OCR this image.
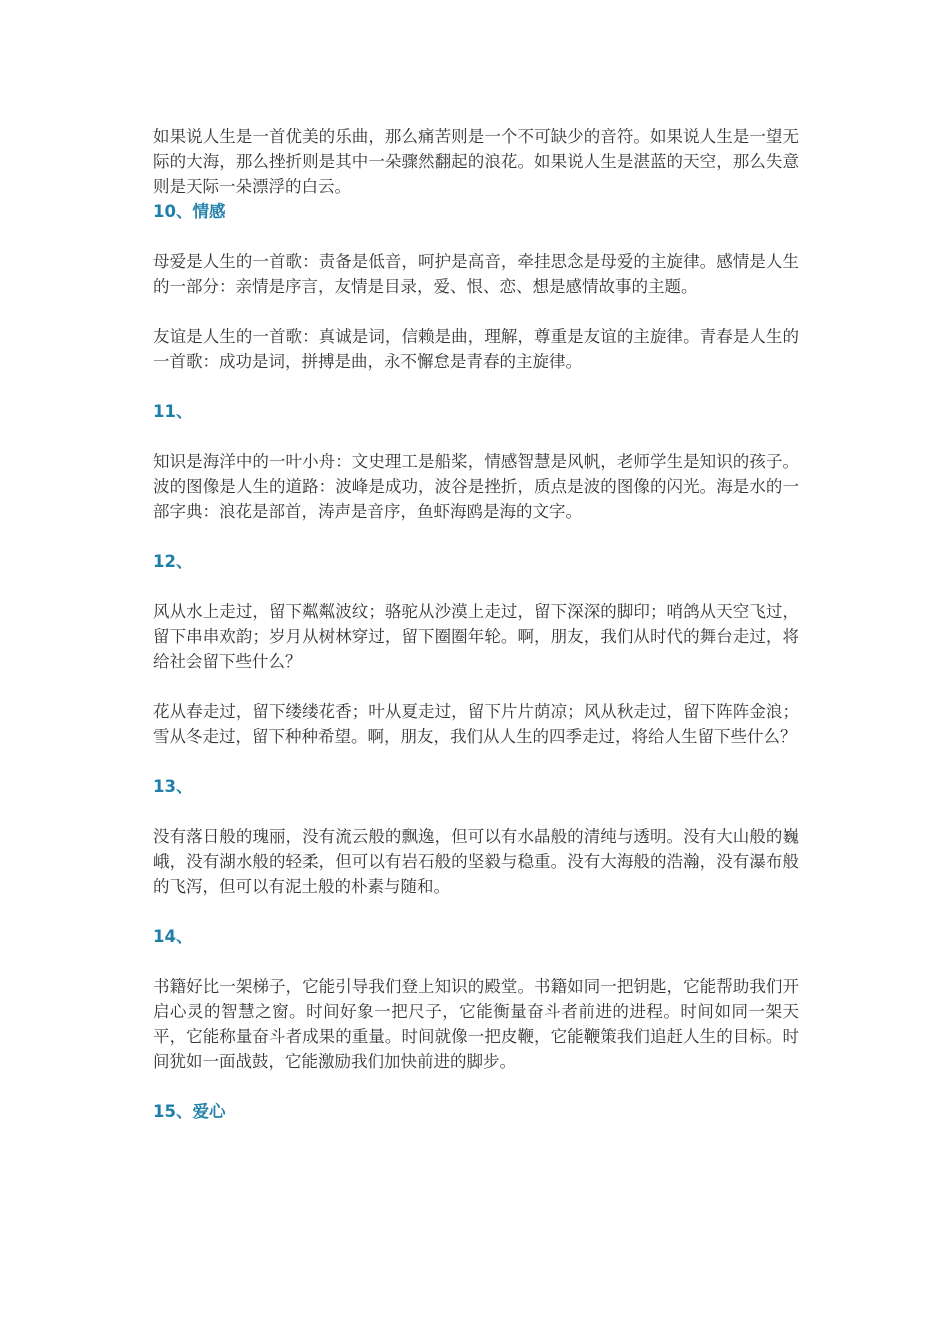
如果说人生是一首优美的乐曲，那么痛苦则是一个不可缺少的音符。如果说人生是一望无际的大海，那么挫折则是其中一朵骤然翻起的浪花。如果说人生是湛蓝的天空，那么失意则是天际一朵漂浮的白云。

10、情感

母爱是人生的一首歌：责备是低音，呵护是高音，牵挂思念是母爱的主旋律。感情是人生的一部分：亲情是序言，友情是目录，爱、恨、恋、想是感情故事的主题。

友谊是人生的一首歌：真诚是词，信赖是曲，理解，尊重是友谊的主旋律。青春是人生的一首歌：成功是词，拼搏是曲，永不懈怠是青春的主旋律。

11、

知识是海洋中的一叶小舟：文史理工是船桨，情感智慧是风帆，老师学生是知识的孩子。波的图像是人生的道路：波峰是成功，波谷是挫折，质点是波的图像的闪光。海是水的一部字典：浪花是部首，涛声是音序，鱼虾海鸥是海的文字。

12、

风从水上走过，留下粼粼波纹；骆驼从沙漠上走过，留下深深的脚印；哨鸽从天空飞过，留下串串欢韵；岁月从树林穿过，留下圈圈年轮。啊，朋友，我们从时代的舞台走过，将给社会留下些什么？

花从春走过，留下缕缕花香；叶从夏走过，留下片片荫凉；风从秋走过，留下阵阵金浪；雪从冬走过，留下种种希望。啊，朋友，我们从人生的四季走过，将给人生留下些什么？

13、

没有落日般的瑰丽，没有流云般的飘逸，但可以有水晶般的清纯与透明。没有大山般的巍峨，没有湖水般的轻柔，但可以有岩石般的坚毅与稳重。没有大海般的浩瀚，没有瀑布般的飞泻，但可以有泥土般的朴素与随和。

14、

书籍好比一架梯子，它能引导我们登上知识的殿堂。书籍如同一把钥匙，它能帮助我们开启心灵的智慧之窗。时间好象一把尺子，它能衡量奋斗者前进的进程。时间如同一架天平，它能称量奋斗者成果的重量。时间就像一把皮鞭，它能鞭策我们追赶人生的目标。时间犹如一面战鼓，它能激励我们加快前进的脚步。

15、爱心
